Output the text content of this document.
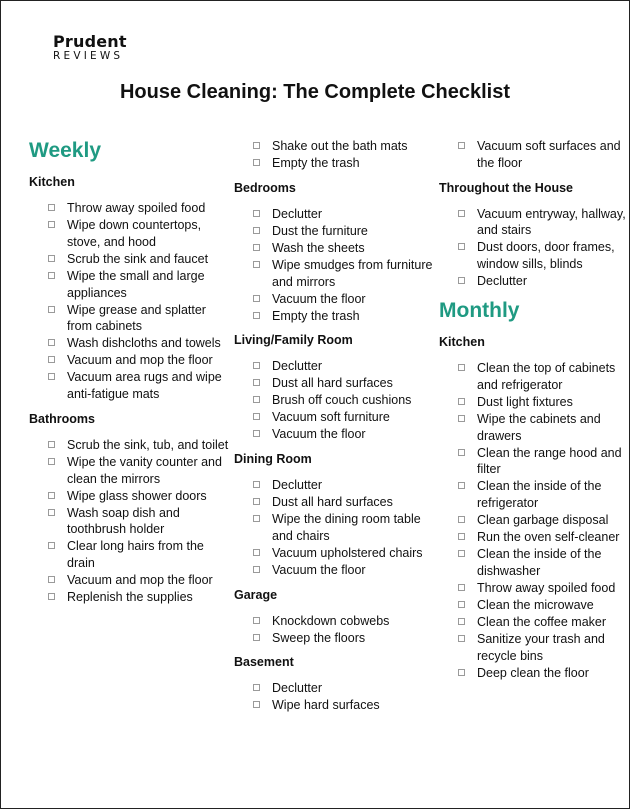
Prudent
REVIEWS
House Cleaning: The Complete Checklist
Weekly
Kitchen
Throw away spoiled food
Wipe down countertops, stove, and hood
Scrub the sink and faucet
Wipe the small and large appliances
Wipe grease and splatter from cabinets
Wash dishcloths and towels
Vacuum and mop the floor
Vacuum area rugs and wipe anti-fatigue mats
Bathrooms
Scrub the sink, tub, and toilet
Wipe the vanity counter and clean the mirrors
Wipe glass shower doors
Wash soap dish and toothbrush holder
Clear long hairs from the drain
Vacuum and mop the floor
Replenish the supplies
Shake out the bath mats
Empty the trash
Bedrooms
Declutter
Dust the furniture
Wash the sheets
Wipe smudges from furniture and mirrors
Vacuum the floor
Empty the trash
Living/Family Room
Declutter
Dust all hard surfaces
Brush off couch cushions
Vacuum soft furniture
Vacuum the floor
Dining Room
Declutter
Dust all hard surfaces
Wipe the dining room table and chairs
Vacuum upholstered chairs
Vacuum the floor
Garage
Knockdown cobwebs
Sweep the floors
Basement
Declutter
Wipe hard surfaces
Vacuum soft surfaces and the floor
Throughout the House
Vacuum entryway, hallway, and stairs
Dust doors, door frames, window sills, blinds
Declutter
Monthly
Kitchen
Clean the top of cabinets and refrigerator
Dust light fixtures
Wipe the cabinets and drawers
Clean the range hood and filter
Clean the inside of the refrigerator
Clean garbage disposal
Run the oven self-cleaner
Clean the inside of the dishwasher
Throw away spoiled food
Clean the microwave
Clean the coffee maker
Sanitize your trash and recycle bins
Deep clean the floor
